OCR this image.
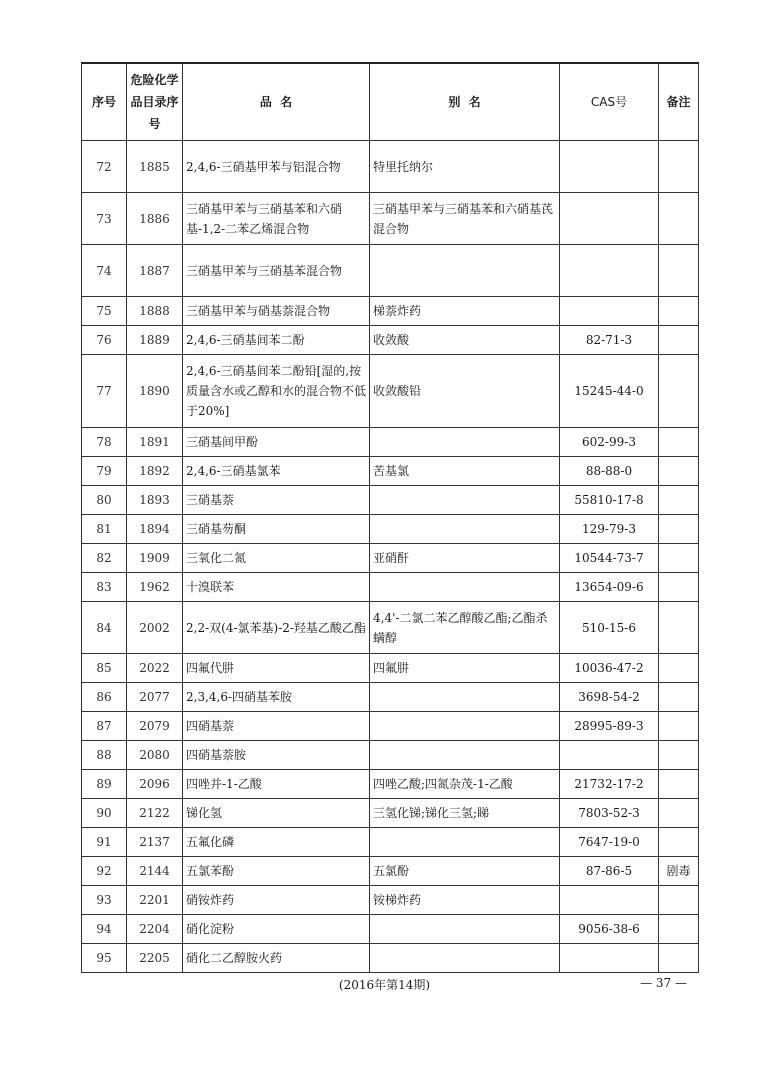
序号	危险化学品目录序号	品  名	别  名	CAS号	备注
72	1885	2,4,6-三硝基甲苯与铝混合物	特里托纳尔		
73	1886	三硝基甲苯与三硝基苯和六硝基-1,2-二苯乙烯混合物	三硝基甲苯与三硝基苯和六硝基芪混合物		
74	1887	三硝基甲苯与三硝基苯混合物			
75	1888	三硝基甲苯与硝基萘混合物	梯萘炸药		
76	1889	2,4,6-三硝基间苯二酚	收敛酸	82-71-3	
77	1890	2,4,6-三硝基间苯二酚铅[湿的,按质量含水或乙醇和水的混合物不低于20%]	收敛酸铅	15245-44-0	
78	1891	三硝基间甲酚		602-99-3	
79	1892	2,4,6-三硝基氯苯	苦基氯	88-88-0	
80	1893	三硝基萘		55810-17-8	
81	1894	三硝基芴酮		129-79-3	
82	1909	三氧化二氮	亚硝酐	10544-73-7	
83	1962	十溴联苯		13654-09-6	
84	2002	2,2-双(4-氯苯基)-2-羟基乙酸乙酯	4,4'-二氯二苯乙醇酸乙酯;乙酯杀螨醇	510-15-6	
85	2022	四氟代肼	四氟肼	10036-47-2	
86	2077	2,3,4,6-四硝基苯胺		3698-54-2	
87	2079	四硝基萘		28995-89-3	
88	2080	四硝基萘胺			
89	2096	四唑并-1-乙酸	四唑乙酸;四氮杂茂-1-乙酸	21732-17-2	
90	2122	锑化氢	三氢化锑;锑化三氢;睇	7803-52-3	
91	2137	五氟化磷		7647-19-0	
92	2144	五氯苯酚	五氯酚	87-86-5	剧毒
93	2201	硝铵炸药	铵梯炸药		
94	2204	硝化淀粉		9056-38-6	
95	2205	硝化二乙醇胺火药			
(2016年第14期)	— 37 —
